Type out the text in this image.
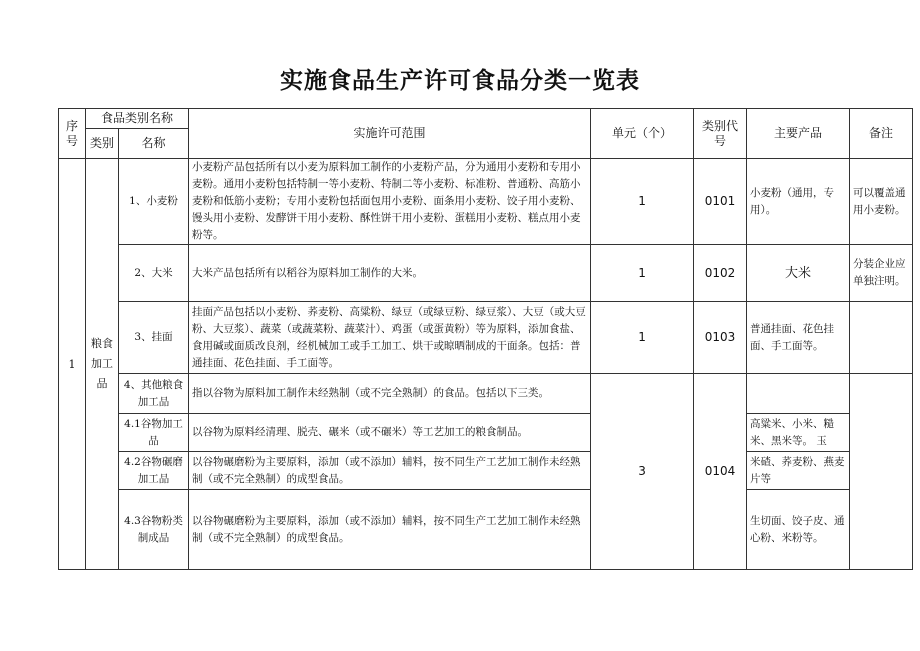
实施食品生产许可食品分类一览表
序号	食品类别名称		实施许可范围	单元（个）	类别代号	主要产品	备注
	类别	名称					
1	粮食加工品	1、小麦粉	小麦粉产品包括所有以小麦为原料加工制作的小麦粉产品，分为通用小麦粉和专用小麦粉。通用小麦粉包括特制一等小麦粉、特制二等小麦粉、标准粉、普通粉、高筋小麦粉和低筋小麦粉；专用小麦粉包括面包用小麦粉、面条用小麦粉、饺子用小麦粉、馒头用小麦粉、发酵饼干用小麦粉、酥性饼干用小麦粉、蛋糕用小麦粉、糕点用小麦粉等。	1	0101	小麦粉（通用，专用）。	可以覆盖通用小麦粉。
		2、大米	大米产品包括所有以稻谷为原料加工制作的大米。	1	0102	大米	分装企业应单独注明。
		3、挂面	挂面产品包括以小麦粉、荞麦粉、高粱粉、绿豆（或绿豆粉、绿豆浆）、大豆（或大豆粉、大豆浆）、蔬菜（或蔬菜粉、蔬菜汁）、鸡蛋（或蛋黄粉）等为原料，添加食盐、食用碱或面质改良剂，经机械加工或手工加工、烘干或晾晒制成的干面条。包括：普通挂面、花色挂面、手工面等。	1	0103	普通挂面、花色挂面、手工面等。	
		4、其他粮食加工品	指以谷物为原料加工制作未经熟制（或不完全熟制）的食品。包括以下三类。	3	0104		
		4.1谷物加工品	以谷物为原料经清理、脱壳、碾米（或不碾米）等工艺加工的粮食制品。			高粱米、小米、糙米、黑米等。 玉	
		4.2谷物碾磨加工品	以谷物碾磨粉为主要原料，添加（或不添加）辅料，按不同生产工艺加工制作未经熟制（或不完全熟制）的成型食品。			米碴、荞麦粉、燕麦片等	
		4.3谷物粉类制成品	以谷物碾磨粉为主要原料，添加（或不添加）辅料，按不同生产工艺加工制作未经熟制（或不完全熟制）的成型食品。			生切面、饺子皮、通心粉、米粉等。	
